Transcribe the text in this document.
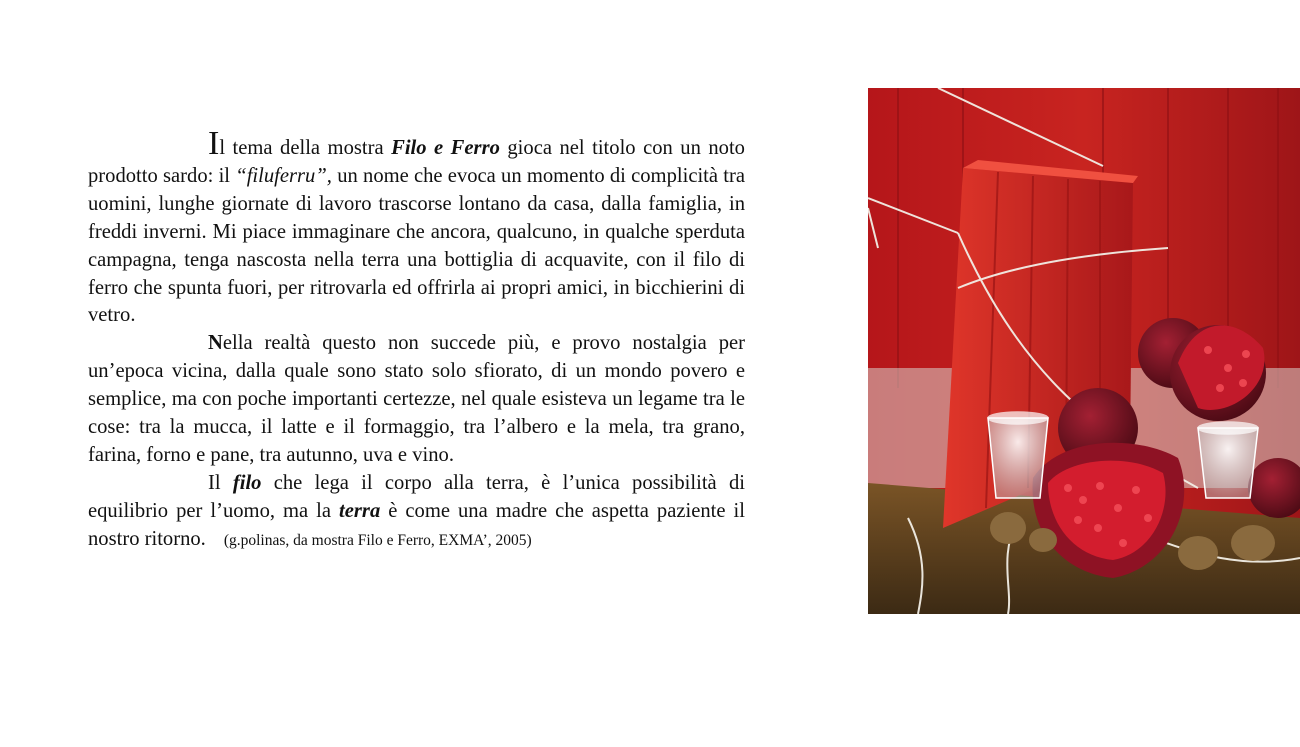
Il tema della mostra Filo e Ferro gioca nel titolo con un noto prodotto sardo: il “filuferru”, un nome che evoca un momento di complicità tra uomini, lunghe giornate di lavoro trascorse lontano da casa, dalla famiglia, in freddi inverni. Mi piace immaginare che ancora, qualcuno, in qualche sperduta campagna, tenga nascosta nella terra una bottiglia di acquavite, con il filo di ferro che spunta fuori, per ritrovarla ed offrirla ai propri amici, in bicchierini di vetro.

Nella realtà questo non succede più, e provo nostalgia per un’epoca vicina, dalla quale sono stato solo sfiorato, di un mondo povero e semplice, ma con poche importanti certezze, nel quale esisteva un legame tra le cose: tra la mucca, il latte e il formaggio, tra l’albero e la mela, tra grano, farina, forno e pane, tra autunno, uva e vino.

Il filo che lega il corpo alla terra, è l’unica possibilità di equilibrio per l’uomo, ma la terra è come una madre che aspetta paziente il nostro ritorno. (g.polinas, da mostra Filo e Ferro, EXMA’, 2005)
